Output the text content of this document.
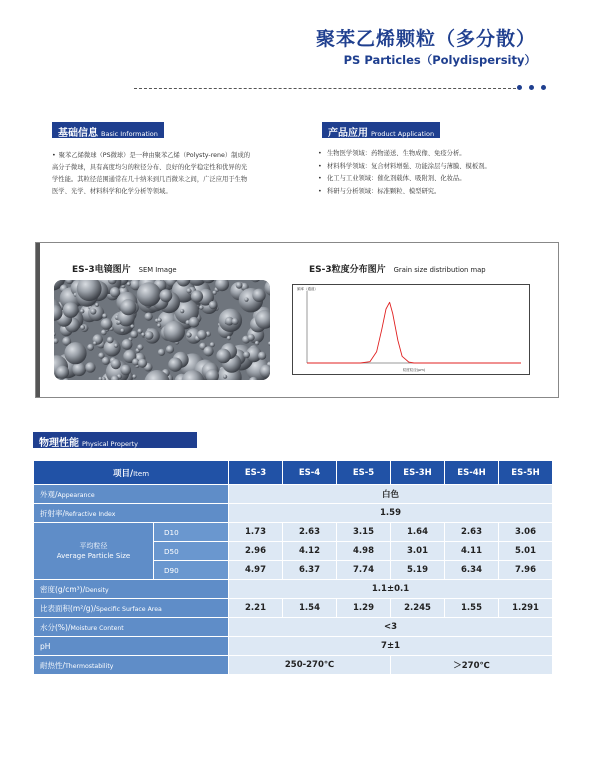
聚苯乙烯颗粒（多分散）
PS Particles（Polydispersity）
基础信息 Basic Information
• 聚苯乙烯微球（PS微球）是一种由聚苯乙烯（Polysty-rene）制成的高分子微球，具有高度均匀的粒径分布、良好的化学稳定性和优异的光学性能。其粒径范围通常在几十纳米到几百微米之间，广泛应用于生物医学、光学、材料科学和化学分析等领域。
产品应用 Product Application
• 生物医学领域：药物递送、生物成像、免疫分析。
• 材料科学领域：复合材料增强、功能涂层与薄膜、模板剂。
• 化工与工业领域：催化剂载体、吸附剂、化妆品。
• 科研与分析领域：标准颗粒、模型研究。
ES-3电镜图片 SEM Image	ES-3粒度分布图片 Grain size distribution map
频率（通道）
粒度粒径(μm)
物理性能 Physical Property
项目/Item		ES-3	ES-4	ES-5	ES-3H	ES-4H	ES-5H
外观/Appearance		白色					
折射率/Refractive Index		1.59					
平均粒径
Average Particle Size	D10	1.73	2.63	3.15	1.64	2.63	3.06
	D50	2.96	4.12	4.98	3.01	4.11	5.01
	D90	4.97	6.37	7.74	5.19	6.34	7.96
密度(g/cm³)/Density		1.1±0.1					
比表面积(m²/g)/Specific Surface Area		2.21	1.54	1.29	2.245	1.55	1.291
水分(%)/Moisture Content		<3					
pH		7±1					
耐热性/Thermostability		250-270℃			＞270℃		
